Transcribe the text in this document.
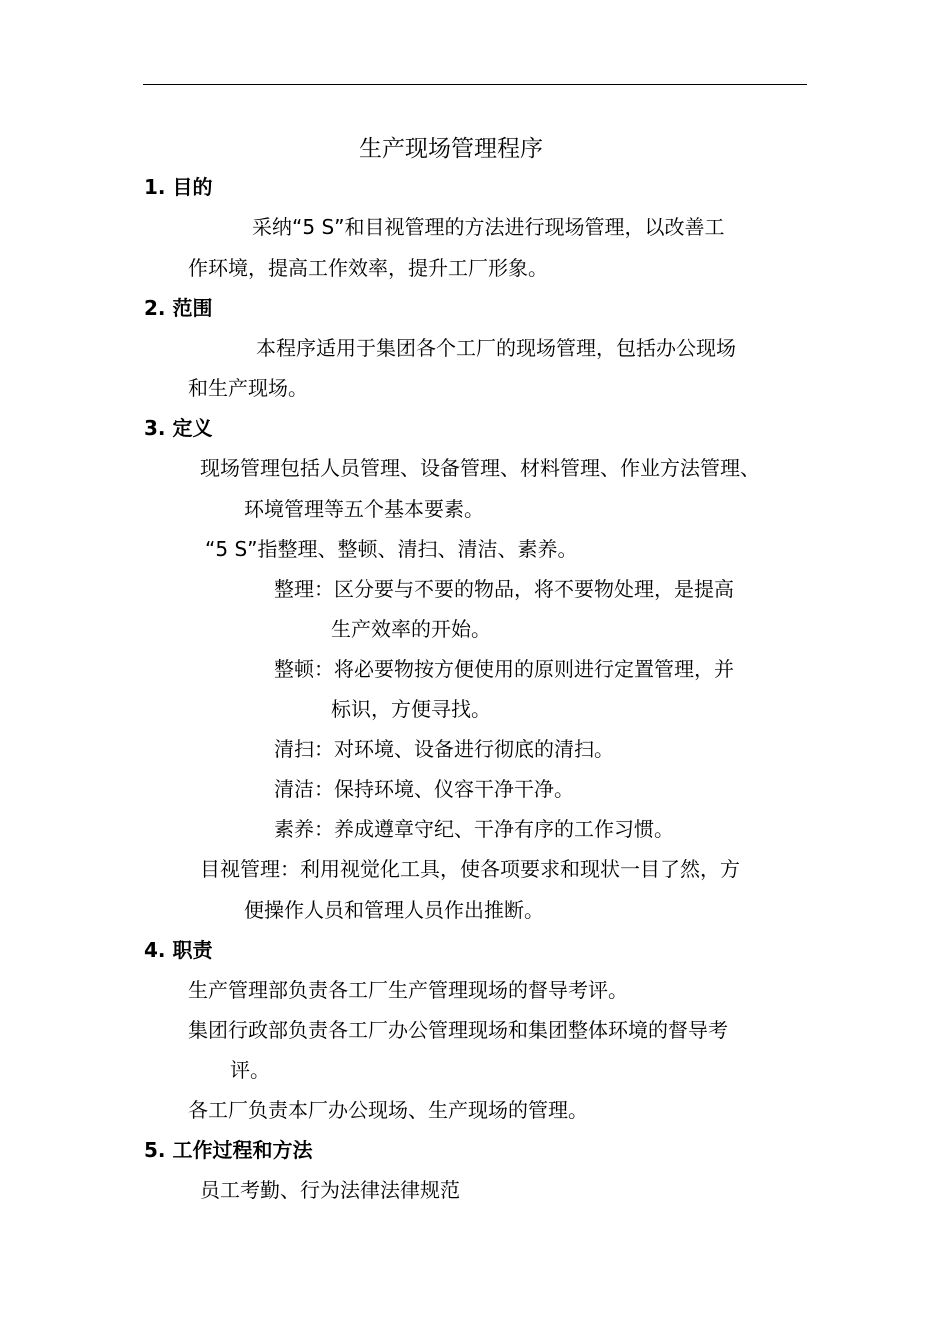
生产现场管理程序
1. 目的
采纳“5 S”和目视管理的方法进行现场管理，以改善工
作环境，提高工作效率，提升工厂形象。
2. 范围
本程序适用于集团各个工厂的现场管理，包括办公现场
和生产现场。
3. 定义
现场管理包括人员管理、设备管理、材料管理、作业方法管理、
环境管理等五个基本要素。
“5 S”指整理、整顿、清扫、清洁、素养。
整理：区分要与不要的物品，将不要物处理，是提高
生产效率的开始。
整顿：将必要物按方便使用的原则进行定置管理，并
标识，方便寻找。
清扫：对环境、设备进行彻底的清扫。
清洁：保持环境、仪容干净干净。
素养：养成遵章守纪、干净有序的工作习惯。
目视管理：利用视觉化工具，使各项要求和现状一目了然，方
便操作人员和管理人员作出推断。
4. 职责
生产管理部负责各工厂生产管理现场的督导考评。
集团行政部负责各工厂办公管理现场和集团整体环境的督导考
评。
各工厂负责本厂办公现场、生产现场的管理。
5. 工作过程和方法
员工考勤、行为法律法律规范
